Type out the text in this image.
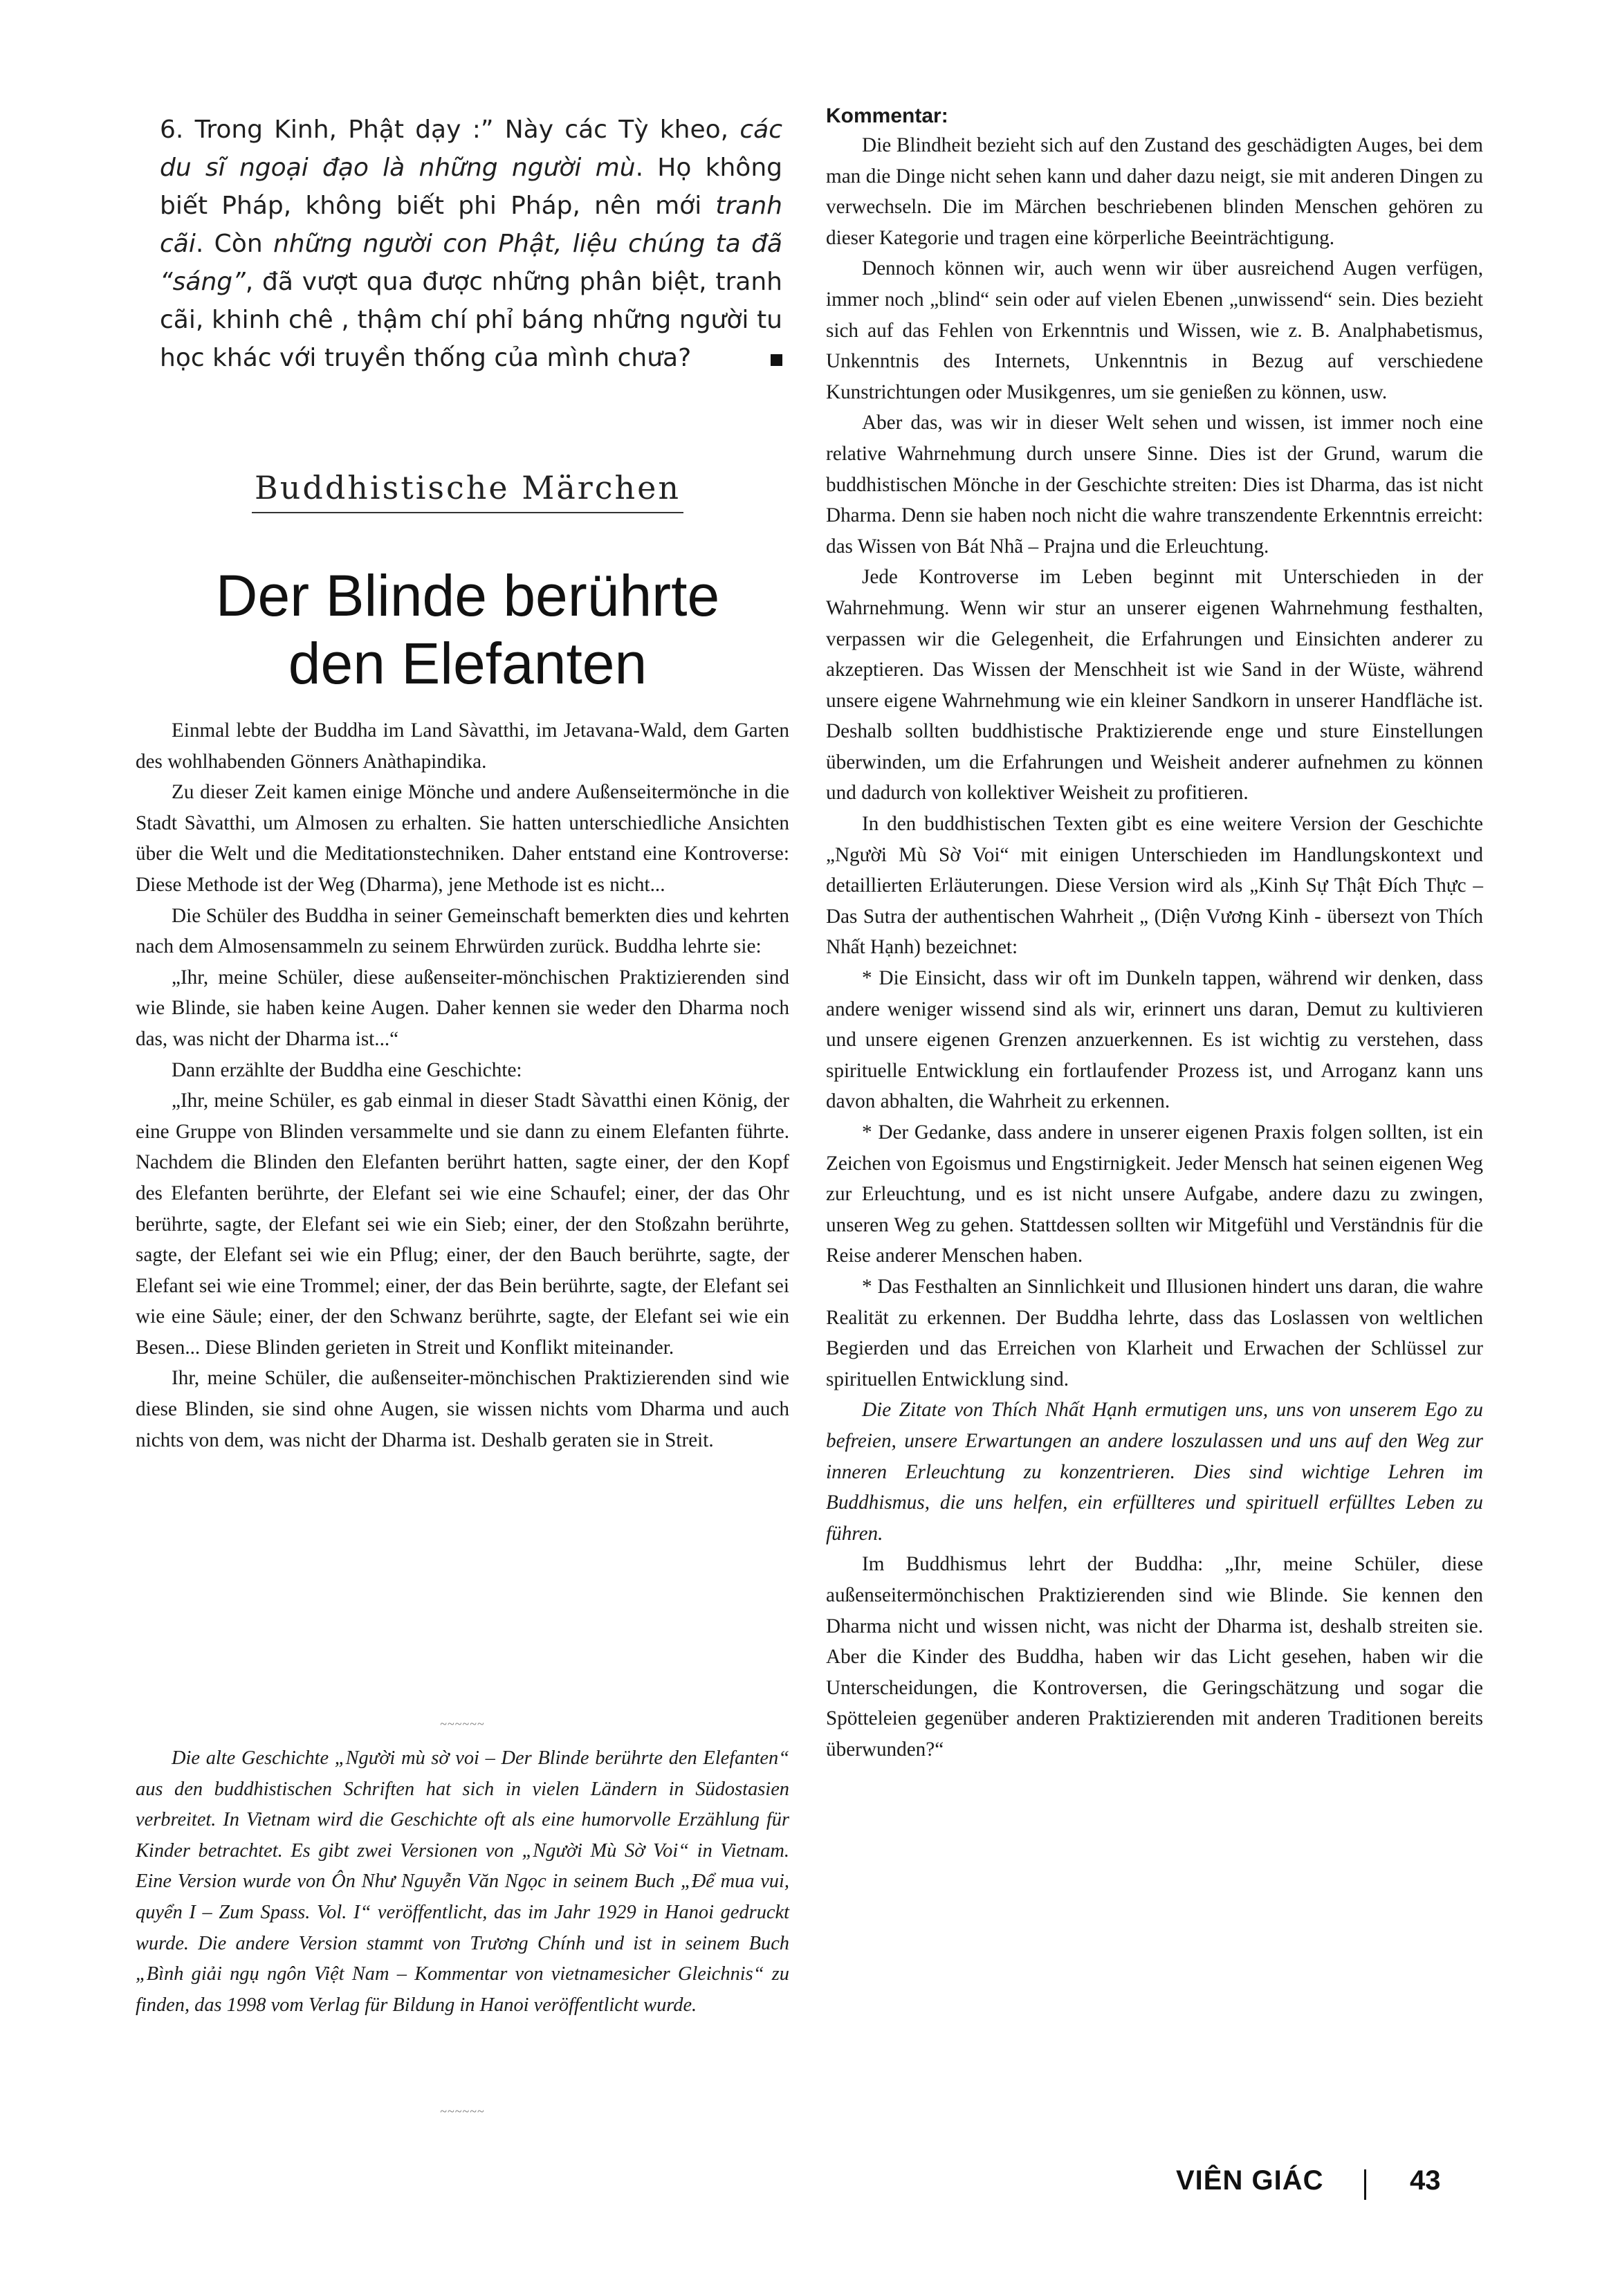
6. Trong Kinh, Phật dạy :” Này các Tỳ kheo, các du sĩ ngoại đạo là những người mù. Họ không biết Pháp, không biết phi Pháp, nên mới tranh cãi. Còn những người con Phật, liệu chúng ta đã “sáng”, đã vượt qua được những phân biệt, tranh cãi, khinh chê , thậm chí phỉ báng những người tu học khác với truyền thống của mình chưa?

Buddhistische Märchen
Der Blinde berührte
den Elefanten

Einmal lebte der Buddha im Land Sàvatthi, im Jetavana-Wald, dem Garten des wohlhabenden Gönners Anàthapindika.

Zu dieser Zeit kamen einige Mönche und andere Außenseitermönche in die Stadt Sàvatthi, um Almosen zu erhalten. Sie hatten unterschiedliche Ansichten über die Welt und die Meditationstechniken. Daher entstand eine Kontroverse: Diese Methode ist der Weg (Dharma), jene Methode ist es nicht...

Die Schüler des Buddha in seiner Gemeinschaft bemerkten dies und kehrten nach dem Almosensammeln zu seinem Ehrwürden zurück. Buddha lehrte sie:

„Ihr, meine Schüler, diese außenseiter-mönchischen Praktizierenden sind wie Blinde, sie haben keine Augen. Daher kennen sie weder den Dharma noch das, was nicht der Dharma ist...“

Dann erzählte der Buddha eine Geschichte:

„Ihr, meine Schüler, es gab einmal in dieser Stadt Sàvatthi einen König, der eine Gruppe von Blinden versammelte und sie dann zu einem Elefanten führte. Nachdem die Blinden den Elefanten berührt hatten, sagte einer, der den Kopf des Elefanten berührte, der Elefant sei wie eine Schaufel; einer, der das Ohr berührte, sagte, der Elefant sei wie ein Sieb; einer, der den Stoßzahn berührte, sagte, der Elefant sei wie ein Pflug; einer, der den Bauch berührte, sagte, der Elefant sei wie eine Trommel; einer, der das Bein berührte, sagte, der Elefant sei wie eine Säule; einer, der den Schwanz berührte, sagte, der Elefant sei wie ein Besen... Diese Blinden gerieten in Streit und Konflikt miteinander.

Ihr, meine Schüler, die außenseiter-mönchischen Praktizierenden sind wie diese Blinden, sie sind ohne Augen, sie wissen nichts vom Dharma und auch nichts von dem, was nicht der Dharma ist. Deshalb geraten sie in Streit.

~~~~~~

Die alte Geschichte „Người mù sờ voi – Der Blinde berührte den Elefanten“ aus den buddhistischen Schriften hat sich in vielen Ländern in Südostasien verbreitet. In Vietnam wird die Geschichte oft als eine humorvolle Erzählung für Kinder betrachtet. Es gibt zwei Versionen von „Người Mù Sờ Voi“ in Vietnam. Eine Version wurde von Ôn Như Nguyễn Văn Ngọc in seinem Buch „Để mua vui, quyển I – Zum Spass. Vol. I“ veröffentlicht, das im Jahr 1929 in Hanoi gedruckt wurde. Die andere Version stammt von Trương Chính und ist in seinem Buch „Bình giải ngụ ngôn Việt Nam – Kommentar von vietnamesicher Gleichnis“ zu finden, das 1998 vom Verlag für Bildung in Hanoi veröffentlicht wurde.

~~~~~~
Kommentar:

Die Blindheit bezieht sich auf den Zustand des geschädigten Auges, bei dem man die Dinge nicht sehen kann und daher dazu neigt, sie mit anderen Dingen zu verwechseln. Die im Märchen beschriebenen blinden Menschen gehören zu dieser Kategorie und tragen eine körperliche Beeinträchtigung.

Dennoch können wir, auch wenn wir über ausreichend Augen verfügen, immer noch „blind“ sein oder auf vielen Ebenen „unwissend“ sein. Dies bezieht sich auf das Fehlen von Erkenntnis und Wissen, wie z. B. Analphabetismus, Unkenntnis des Internets, Unkenntnis in Bezug auf verschiedene Kunstrichtungen oder Musikgenres, um sie genießen zu können, usw.

Aber das, was wir in dieser Welt sehen und wissen, ist immer noch eine relative Wahrnehmung durch unsere Sinne. Dies ist der Grund, warum die buddhistischen Mönche in der Geschichte streiten: Dies ist Dharma, das ist nicht Dharma. Denn sie haben noch nicht die wahre transzendente Erkenntnis erreicht: das Wissen von Bát Nhã – Prajna und die Erleuchtung.

Jede Kontroverse im Leben beginnt mit Unterschieden in der Wahrnehmung. Wenn wir stur an unserer eigenen Wahrnehmung festhalten, verpassen wir die Gelegenheit, die Erfahrungen und Einsichten anderer zu akzeptieren. Das Wissen der Menschheit ist wie Sand in der Wüste, während unsere eigene Wahrnehmung wie ein kleiner Sandkorn in unserer Handfläche ist. Deshalb sollten buddhistische Praktizierende enge und sture Einstellungen überwinden, um die Erfahrungen und Weisheit anderer aufnehmen zu können und dadurch von kollektiver Weisheit zu profitieren.

In den buddhistischen Texten gibt es eine weitere Version der Geschichte „Người Mù Sờ Voi“ mit einigen Unterschieden im Handlungskontext und detaillierten Erläuterungen. Diese Version wird als „Kinh Sự Thật Đích Thực – Das Sutra der authentischen Wahrheit „ (Diện Vương Kinh - übersezt von Thích Nhất Hạnh) bezeichnet:

* Die Einsicht, dass wir oft im Dunkeln tappen, während wir denken, dass andere weniger wissend sind als wir, erinnert uns daran, Demut zu kultivieren und unsere eigenen Grenzen anzuerkennen. Es ist wichtig zu verstehen, dass spirituelle Entwicklung ein fortlaufender Prozess ist, und Arroganz kann uns davon abhalten, die Wahrheit zu erkennen.

* Der Gedanke, dass andere in unserer eigenen Praxis folgen sollten, ist ein Zeichen von Egoismus und Engstirnigkeit. Jeder Mensch hat seinen eigenen Weg zur Erleuchtung, und es ist nicht unsere Aufgabe, andere dazu zu zwingen, unseren Weg zu gehen. Stattdessen sollten wir Mitgefühl und Verständnis für die Reise anderer Menschen haben.

* Das Festhalten an Sinnlichkeit und Illusionen hindert uns daran, die wahre Realität zu erkennen. Der Buddha lehrte, dass das Loslassen von weltlichen Begierden und das Erreichen von Klarheit und Erwachen der Schlüssel zur spirituellen Entwicklung sind.

Die Zitate von Thích Nhất Hạnh ermutigen uns, uns von unserem Ego zu befreien, unsere Erwartungen an andere loszulassen und uns auf den Weg zur inneren Erleuchtung zu konzentrieren. Dies sind wichtige Lehren im Buddhismus, die uns helfen, ein erfüllteres und spirituell erfülltes Leben zu führen.

Im Buddhismus lehrt der Buddha: „Ihr, meine Schüler, diese außenseitermönchischen Praktizierenden sind wie Blinde. Sie kennen den Dharma nicht und wissen nicht, was nicht der Dharma ist, deshalb streiten sie. Aber die Kinder des Buddha, haben wir das Licht gesehen, haben wir die Unterscheidungen, die Kontroversen, die Geringschätzung und sogar die Spötteleien gegenüber anderen Praktizierenden mit anderen Traditionen bereits überwunden?“

VIÊN GIÁC	43
